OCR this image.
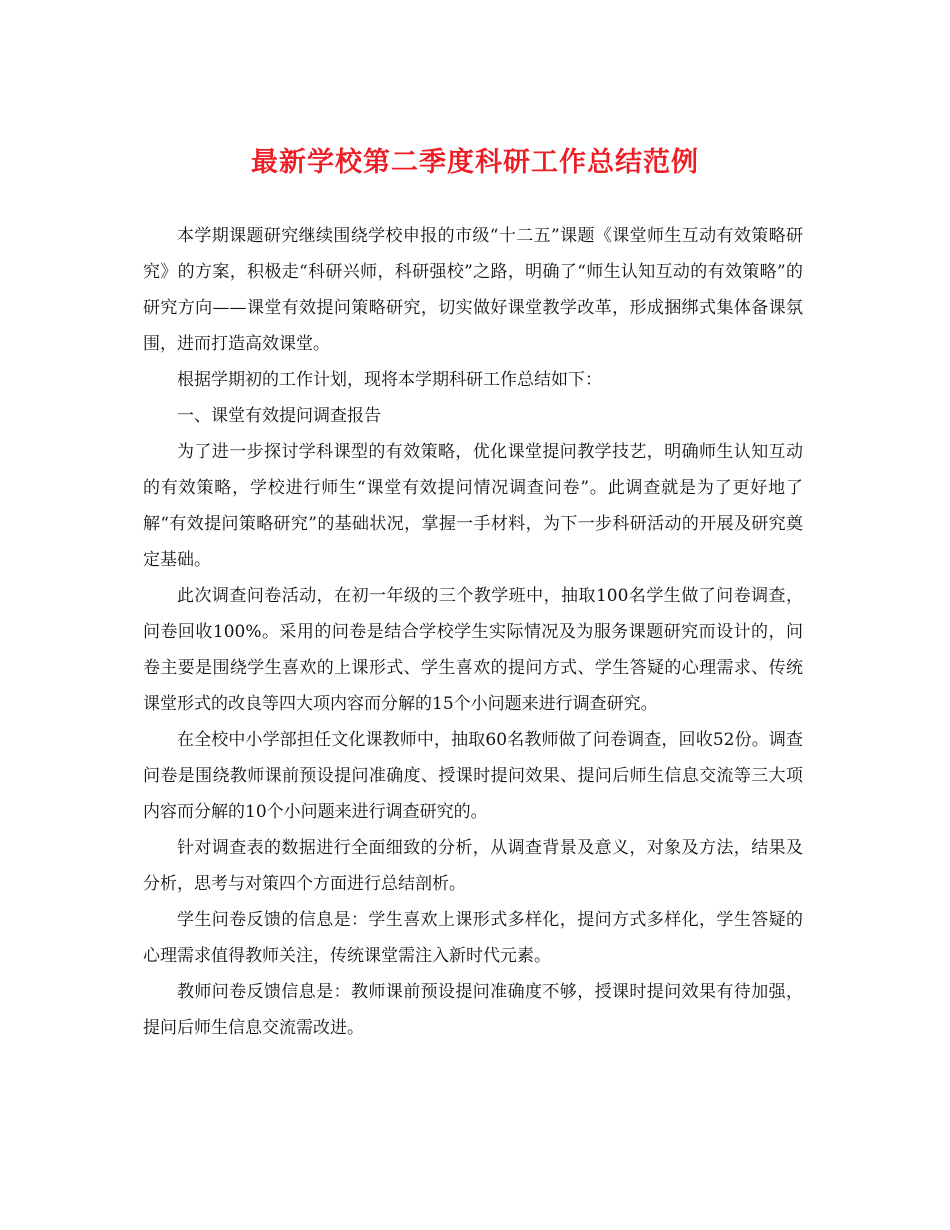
最新学校第二季度科研工作总结范例

本学期课题研究继续围绕学校申报的市级“十二五”课题《课堂师生互动有效策略研究》的方案，积极走“科研兴师，科研强校”之路，明确了“师生认知互动的有效策略”的研究方向——课堂有效提问策略研究，切实做好课堂教学改革，形成捆绑式集体备课氛围，进而打造高效课堂。

根据学期初的工作计划，现将本学期科研工作总结如下：

一、课堂有效提问调查报告

为了进一步探讨学科课型的有效策略，优化课堂提问教学技艺，明确师生认知互动的有效策略，学校进行师生“课堂有效提问情况调查问卷”。此调查就是为了更好地了解“有效提问策略研究”的基础状况，掌握一手材料，为下一步科研活动的开展及研究奠定基础。

此次调查问卷活动，在初一年级的三个教学班中，抽取100名学生做了问卷调查，问卷回收100%。采用的问卷是结合学校学生实际情况及为服务课题研究而设计的，问卷主要是围绕学生喜欢的上课形式、学生喜欢的提问方式、学生答疑的心理需求、传统课堂形式的改良等四大项内容而分解的15个小问题来进行调查研究。

在全校中小学部担任文化课教师中，抽取60名教师做了问卷调查，回收52份。调查问卷是围绕教师课前预设提问准确度、授课时提问效果、提问后师生信息交流等三大项内容而分解的10个小问题来进行调查研究的。

针对调查表的数据进行全面细致的分析，从调查背景及意义，对象及方法，结果及分析，思考与对策四个方面进行总结剖析。

学生问卷反馈的信息是：学生喜欢上课形式多样化，提问方式多样化，学生答疑的心理需求值得教师关注，传统课堂需注入新时代元素。

教师问卷反馈信息是：教师课前预设提问准确度不够，授课时提问效果有待加强，提问后师生信息交流需改进。
